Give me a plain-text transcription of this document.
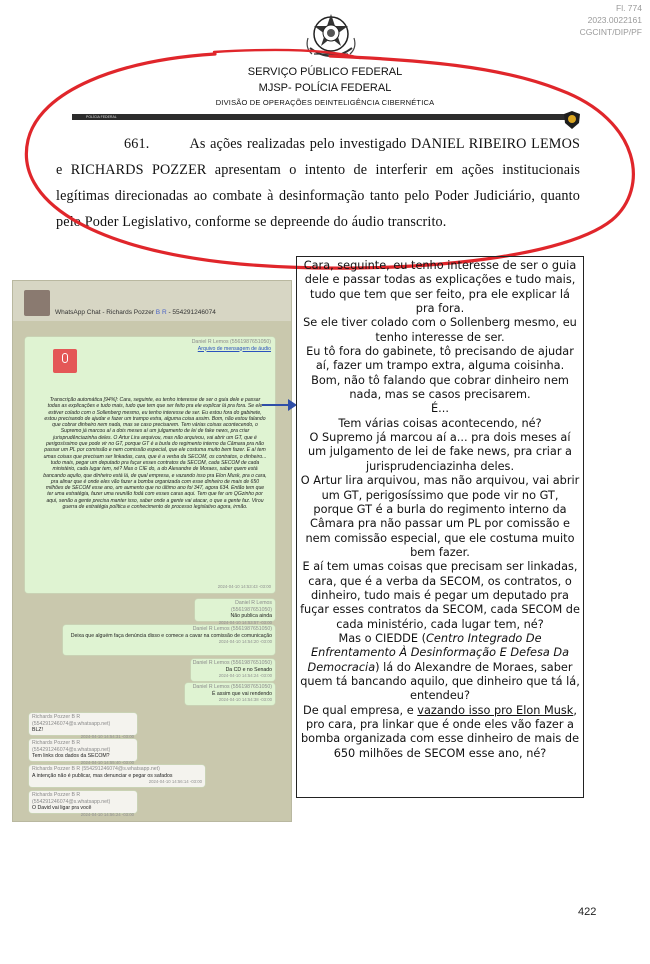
Fl. 774
2023.0022161
CGCINT/DIP/PF
SERVIÇO PÚBLICO FEDERAL
MJSP- POLÍCIA FEDERAL
DIVISÃO DE OPERAÇÕES DEINTELIGÊNCIA CIBERNÉTICA
POLÍCIA FEDERAL
661.	As ações realizadas pelo investigado DANIEL RIBEIRO LEMOS e RICHARDS POZZER apresentam o intento de interferir em ações institucionais legítimas direcionadas ao combate à desinformação tanto pelo Poder Judiciário, quanto pelo Poder Legislativo, conforme se depreende do áudio transcrito.
WhatsApp Chat - Richards Pozzer B R - 554291246074
Daniel R Lemos (5561987651050)
Arquivo de mensagem de áudio
Transcrição automática [94%]: Cara, seguinte, eu tenho interesse de ser o guia dele e passar todas as explicações e tudo mais, tudo que tem que ser feito pra ele explicar lá pra fora. Se ele estiver colado com o Sollenberg mesmo, eu tenho interesse de ser. Eu estou fora do gabinete, estou precisando de ajudar e fazer um trampo extra, alguma coisa assim. Bom, não estou falando que cobrar dinheiro nem nada, mas se caso precisarem. Tem várias coisas acontecendo, o Supremo já marcou aí a dois meses aí um julgamento de lei de fake news, pra criar jurisprudênciazinha deles. O Artur Lira arquivou, mas não arquivou, vai abrir um GT, que é perigosíssimo que pode vir no GT, porque GT é a burla do regimento interno da Câmara pra não passar um PL por comissão e nem comissão especial, que ele costuma muito bem fazer. E aí tem umas coisas que precisam ser linkadas, cara, que é a verba da SECOM, os contratos, o dinheiro... tudo mais, pegar um deputado pra fuçar esses contratos da SECOM, cada SECOM de cada ministério, cada lugar tem, né? Mas o CIE do, a do Alexandre de Moraes, saber quem está bancando aquilo, que dinheiro está lá, de qual empresa, e vazando isso pra Elon Musk, pra o cara, pra alinar que é onde eles vão fazer a bomba organizada com esse dinheiro de mais de 650 milhões de SECOM esse ano, um aumento que no último ano foi 347, agora 634. Então tem que ter uma estratégia, fazer uma reunião fodá com esses caras aqui. Tem que fer um QGzinho por aqui, senão a gente precisa manter isso, saber onde a gente vai atacar, o que a gente faz. Virou guerra de estratégia política e conhecimento de processo legislativo agora, irmão.
2024-04-10 14:53:43 -03:00
Daniel R Lemos (5561987651050)
Não publica ainda
2024-04-10 14:53:57 -03:00
Daniel R Lemos (5561987651050)
Deixa que alguém faça denúncia disso e comece a cavar na comissão de comunicação
2024-04-10 14:54:20 -03:00
Daniel R Lemos (5561987651050)
Da CD e no Senado
2024-04-10 14:54:24 -03:00
Daniel R Lemos (5561987651050)
É assim que vai rendendo
2024-04-10 14:54:38 -03:00
Richards Pozzer B R (554291246074@s.whatsapp.net)
BLZ!
2024-04-10 14:54:31 -03:00
Richards Pozzer B R (554291246074@s.whatsapp.net)
Tem links dos dados da SECOM?
2024-04-10 14:55:40 -03:00
Richards Pozzer B R (554291246074@s.whatsapp.net)
A intenção não é publicar, mas denunciar e pegar os safados
2024-04-10 14:56:14 -03:00
Richards Pozzer B R (554291246074@s.whatsapp.net)
O David vai ligar pra você
2024-04-10 14:56:24 -03:00

Cara, seguinte, eu tenho interesse de ser o guia dele e passar todas as explicações e tudo mais, tudo que tem que ser feito, pra ele explicar lá pra fora.

Se ele tiver colado com o Sollenberg mesmo, eu tenho interesse de ser.

Eu tô fora do gabinete, tô precisando de ajudar aí, fazer um trampo extra, alguma coisinha.

Bom, não tô falando que cobrar dinheiro nem nada, mas se casos precisarem.

É...

Tem várias coisas acontecendo, né?

O Supremo já marcou aí a... pra dois meses aí um julgamento de lei de fake news, pra criar a jurisprudenciazinha deles.

O Artur lira arquivou, mas não arquivou, vai abrir um GT, perigosíssimo que pode vir no GT, porque GT é a burla do regimento interno da Câmara pra não passar um PL por comissão e nem comissão especial, que ele costuma muito bem fazer.

E aí tem umas coisas que precisam ser linkadas, cara, que é a verba da SECOM, os contratos, o dinheiro, tudo mais é pegar um deputado pra fuçar esses contratos da SECOM, cada SECOM de cada ministério, cada lugar tem, né?

Mas o CIEDDE (Centro Integrado De Enfrentamento À Desinformação E Defesa Da Democracia) lá do Alexandre de Moraes, saber quem tá bancando aquilo, que dinheiro que tá lá, entendeu?

De qual empresa, e vazando isso pro Elon Musk, pro cara, pra linkar que é onde eles vão fazer a bomba organizada com esse dinheiro de mais de 650 milhões de SECOM esse ano, né?

422
